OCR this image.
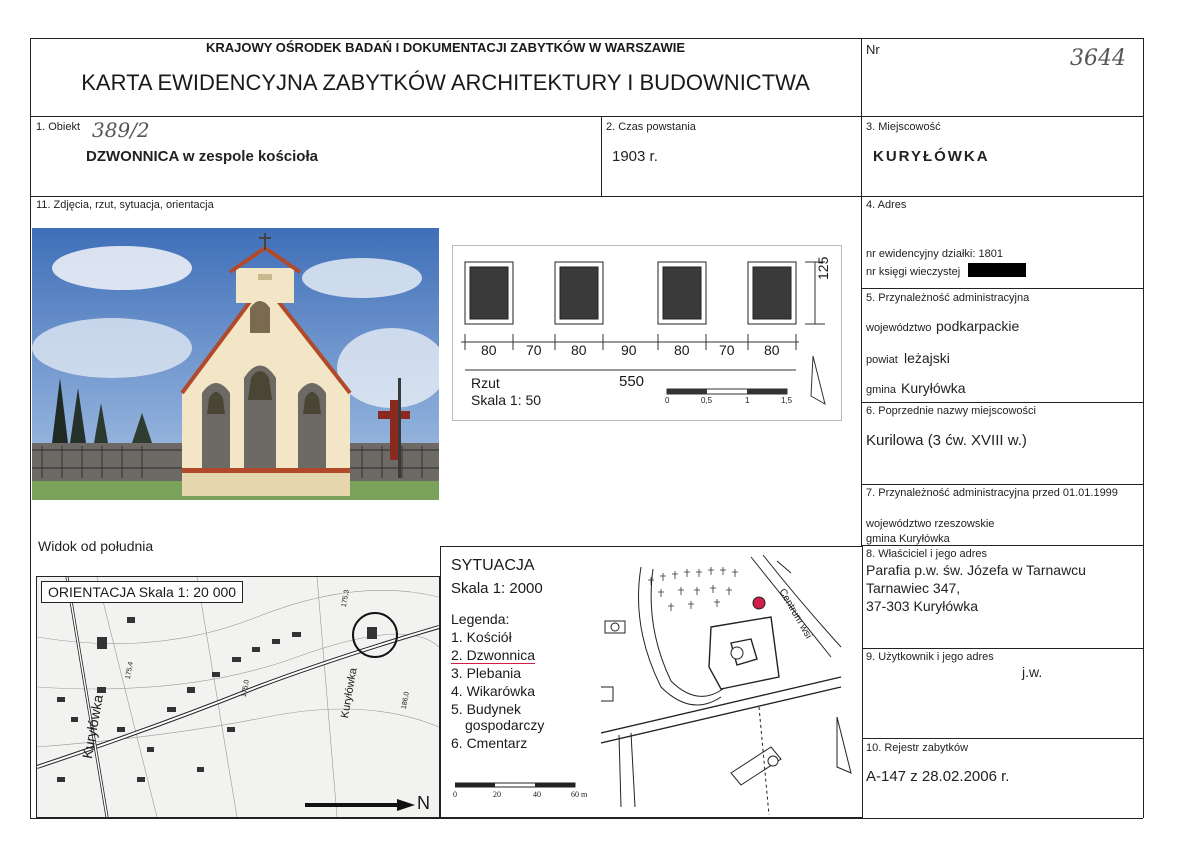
KRAJOWY OŚRODEK BADAŃ I DOKUMENTACJI ZABYTKÓW W WARSZAWIE
KARTA EWIDENCYJNA ZABYTKÓW ARCHITEKTURY I BUDOWNICTWA
Nr	3644
1. Obiekt 389/2
DZWONNICA w zespole kościoła
2. Czas powstania
1903 r.
3. Miejscowość
KURYŁÓWKA
11. Zdjęcia, rzut, sytuacja, orientacja
Widok od południa
80 70 80 90	80 70 80
125
Rzut
Skala 1: 50
550
0	0,5	1	1,5
ORIENTACJA Skala 1: 20 000
N
Kuryłówka
Kuryłówka
175,3
175,4
175,0
186,0
SYTUACJA
Skala 1: 2000
Legenda:
1. Kościół
2. Dzwonnica
3. Plebania
4. Wikarówka
5. Budynek
gospodarczy
6. Cmentarz
Centrum wsi
0	20	40	60 m
4. Adres
nr ewidencyjny działki: 1801
nr księgi wieczystej
5. Przynależność administracyjna
województwo podkarpackie
powiat leżajski
gmina Kuryłówka
6. Poprzednie nazwy miejscowości
Kurilowa (3 ćw. XVIII w.)
7. Przynależność administracyjna przed 01.01.1999
województwo rzeszowskie
gmina Kuryłówka
8. Właściciel i jego adres
Parafia p.w. św. Józefa w Tarnawcu
Tarnawiec 347,
37-303 Kuryłówka
9. Użytkownik i jego adres
j.w.
10. Rejestr zabytków
A-147 z 28.02.2006 r.
